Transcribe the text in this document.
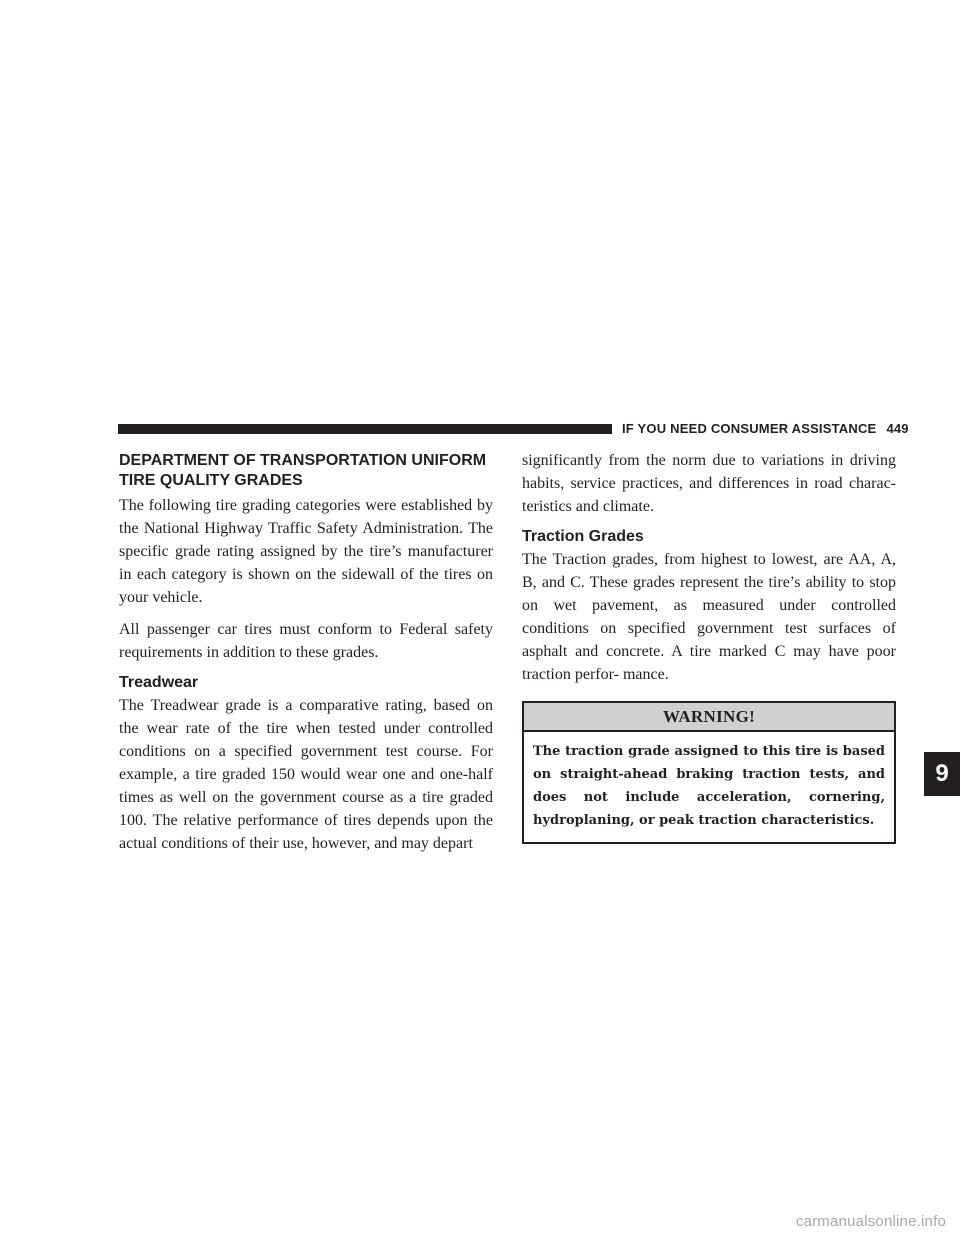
IF YOU NEED CONSUMER ASSISTANCE 449
DEPARTMENT OF TRANSPORTATION UNIFORM TIRE QUALITY GRADES

The following tire grading categories were established by the National Highway Traffic Safety Administration. The specific grade rating assigned by the tire’s manufacturer in each category is shown on the sidewall of the tires on your vehicle.

All passenger car tires must conform to Federal safety requirements in addition to these grades.

Treadwear

The Treadwear grade is a comparative rating, based on the wear rate of the tire when tested under controlled conditions on a specified government test course. For example, a tire graded 150 would wear one and one-half times as well on the government course as a tire graded 100. The relative performance of tires depends upon the actual conditions of their use, however, and may depart

significantly from the norm due to variations in driving habits, service practices, and differences in road charac- teristics and climate.

Traction Grades

The Traction grades, from highest to lowest, are AA, A, B, and C. These grades represent the tire’s ability to stop on wet pavement, as measured under controlled conditions on specified government test surfaces of asphalt and concrete. A tire marked C may have poor traction perfor- mance.

WARNING!
The traction grade assigned to this tire is based on straight-ahead braking traction tests, and does not include acceleration, cornering, hydroplaning, or peak traction characteristics.
9
carmanualsonline.info
